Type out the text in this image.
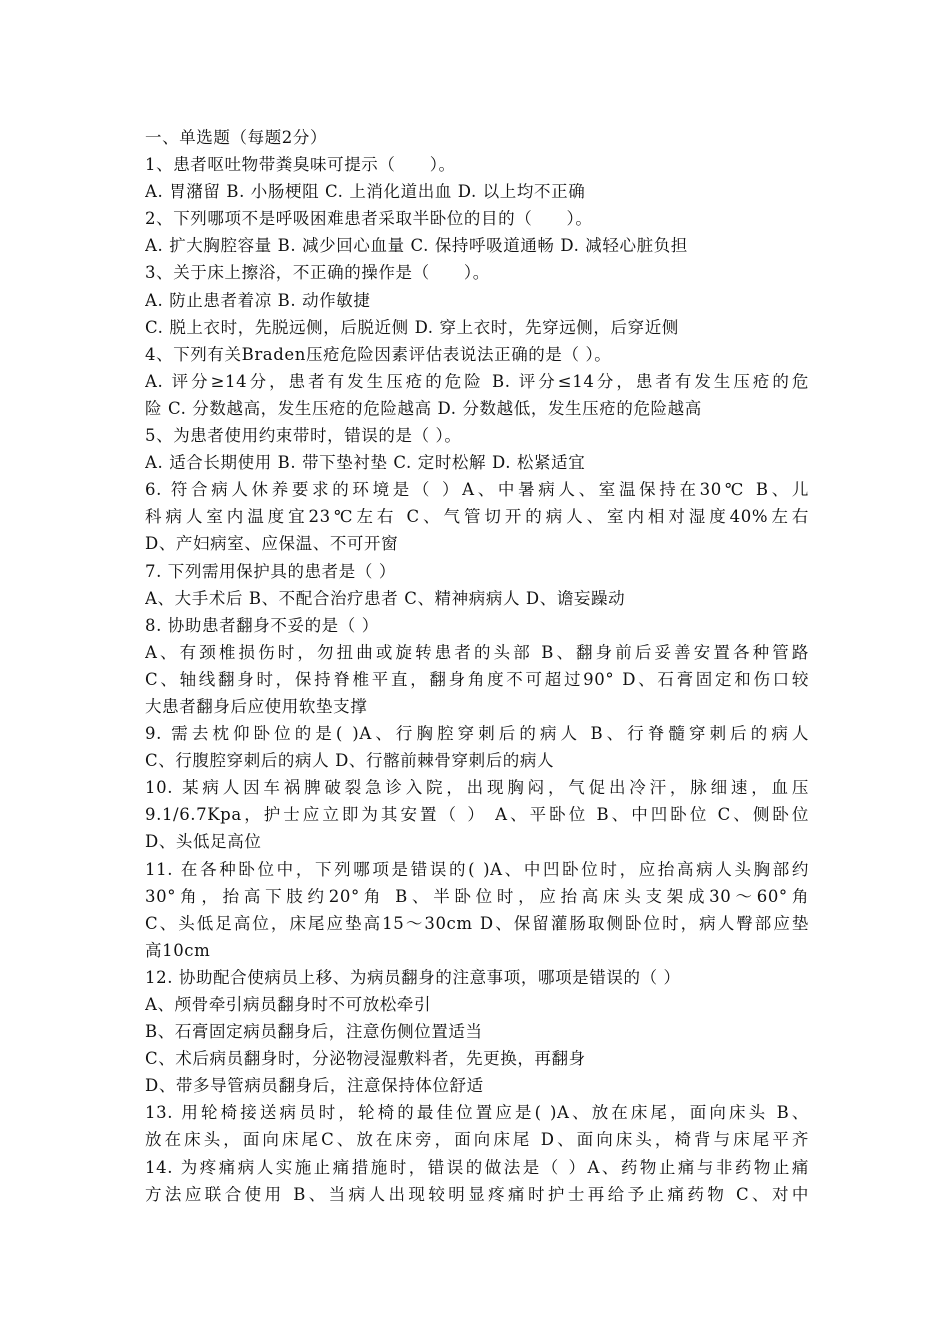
一、单选题（每题2分）
1、患者呕吐物带粪臭味可提示（　　）。
A. 胃潴留 B. 小肠梗阻 C. 上消化道出血 D. 以上均不正确
2、下列哪项不是呼吸困难患者采取半卧位的目的（　　）。
A. 扩大胸腔容量 B. 减少回心血量 C. 保持呼吸道通畅 D. 减轻心脏负担
3、关于床上擦浴，不正确的操作是（　　）。
A. 防止患者着凉 B. 动作敏捷
C. 脱上衣时，先脱远侧，后脱近侧 D. 穿上衣时，先穿远侧，后穿近侧
4、下列有关Braden压疮危险因素评估表说法正确的是（ ）。
A. 评分≥14分，患者有发生压疮的危险 B. 评分≤14分，患者有发生压疮的危
险 C. 分数越高，发生压疮的危险越高 D. 分数越低，发生压疮的危险越高
5、为患者使用约束带时，错误的是（ ）。
A. 适合长期使用 B. 带下垫衬垫 C. 定时松解 D. 松紧适宜
6. 符合病人休养要求的环境是（ ）A、中暑病人、室温保持在30℃ B、儿
科病人室内温度宜23℃左右 C、气管切开的病人、室内相对湿度40%左右
D、产妇病室、应保温、不可开窗
7. 下列需用保护具的患者是（ ）
A、大手术后 B、不配合治疗患者 C、精神病病人 D、谵妄躁动
8. 协助患者翻身不妥的是（ ）
A、有颈椎损伤时，勿扭曲或旋转患者的头部 B、翻身前后妥善安置各种管路
C、轴线翻身时，保持脊椎平直，翻身角度不可超过90° D、石膏固定和伤口较
大患者翻身后应使用软垫支撑
9. 需去枕仰卧位的是( )A、行胸腔穿刺后的病人 B、行脊髓穿刺后的病人
C、行腹腔穿刺后的病人 D、行髂前棘骨穿刺后的病人
10. 某病人因车祸脾破裂急诊入院，出现胸闷，气促出冷汗，脉细速，血压
9.1/6.7Kpa，护士应立即为其安置（ ） A、平卧位 B、中凹卧位 C、侧卧位
D、头低足高位
11. 在各种卧位中，下列哪项是错误的( )A、中凹卧位时，应抬高病人头胸部约
30°角，抬高下肢约20°角 B、半卧位时，应抬高床头支架成30～60°角
C、头低足高位，床尾应垫高15～30cm D、保留灌肠取侧卧位时，病人臀部应垫
高10cm
12. 协助配合使病员上移、为病员翻身的注意事项，哪项是错误的（ ）
A、颅骨牵引病员翻身时不可放松牵引
B、石膏固定病员翻身后，注意伤侧位置适当
C、术后病员翻身时，分泌物浸湿敷料者，先更换，再翻身
D、带多导管病员翻身后，注意保持体位舒适
13. 用轮椅接送病员时，轮椅的最佳位置应是( )A、放在床尾，面向床头 B、
放在床头，面向床尾C、放在床旁，面向床尾 D、面向床头，椅背与床尾平齐
14. 为疼痛病人实施止痛措施时，错误的做法是（ ）A、药物止痛与非药物止痛
方法应联合使用 B、当病人出现较明显疼痛时护士再给予止痛药物 C、对中
